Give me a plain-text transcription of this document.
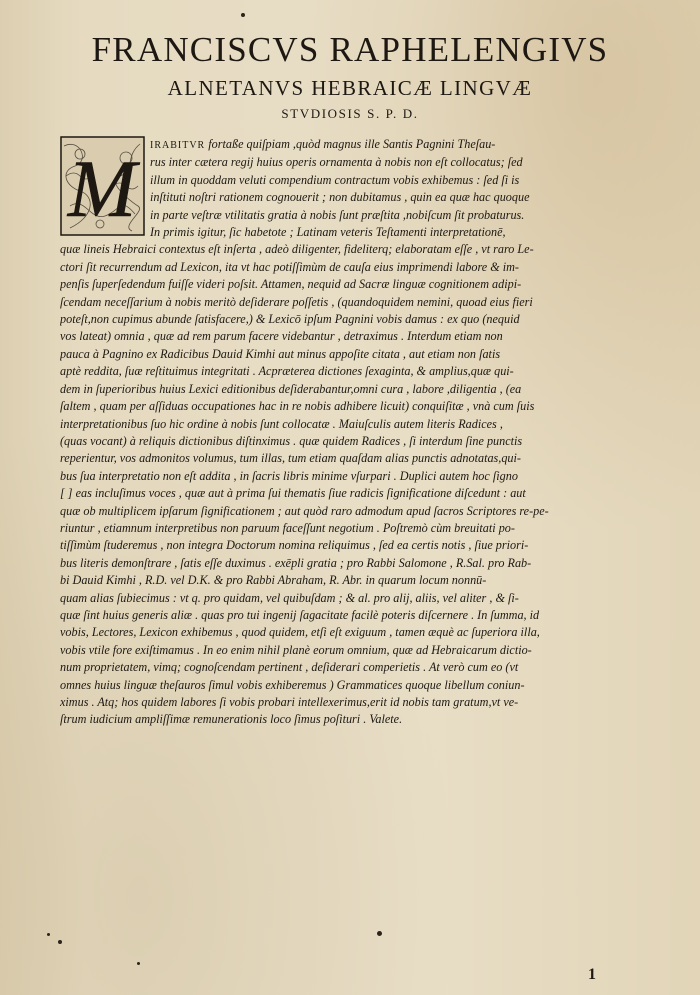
FRANCISCVS RAPHELENGIVS
ALNETANVS HEBRAICÆ LINGVÆ
STVDIOSIS S. P. D.
M	IRABITVR fortaße quiſpiam ,quòd magnus ille Santis Pagnini Theſau-
rus inter cætera regij huius operis ornamenta à nobis non eſt collocatus; ſed
illum in quoddam veluti compendium contractum vobis exhibemus : ſed ſi is
inſtituti noſtri rationem cognouerit ; non dubitamus , quin ea quæ hac quoque
in parte veſtræ vtilitatis gratia à nobis ſunt præſtita ,nobiſcum ſit probaturus.
In primis igitur, ſic habetote ; Latinam veteris Teſtamenti interpretationē,
quæ lineis Hebraici contextus eſt inſerta , adeò diligenter, fideliterq; elaboratam eſſe , vt raro Le-
ctori ſit recurrendum ad Lexicon, ita vt hac potiſſimùm de cauſa eius imprimendi labore & im-
penſis ſuperſedendum fuiſſe videri poſsit. Attamen, nequid ad Sacræ linguæ cognitionem adipi-
ſcendam neceſſarium à nobis meritò deſiderare poſſetis , (quandoquidem nemini, quoad eius fieri
poteſt,non cupimus abunde ſatisfacere,) & Lexicō ipſum Pagnini vobis damus : ex quo (nequid
vos lateat) omnia , quæ ad rem parum facere videbantur , detraximus . Interdum etiam non
pauca à Pagnino ex Radicibus Dauid Kimhi aut minus appoſite citata , aut etiam non ſatis
aptè reddita, ſuæ reſtituimus integritati . Acpræterea dictiones ſexaginta, & amplius,quæ qui-
dem in ſuperioribus huius Lexici editionibus deſiderabantur,omni cura , labore ,diligentia , (ea
ſaltem , quam per aſſiduas occupationes hac in re nobis adhibere licuit) conquiſitæ , vnà cum ſuis
interpretationibus ſuo hic ordine à nobis ſunt collocatæ . Maiuſculis autem literis Radices ,
(quas vocant) à reliquis dictionibus diſtinximus . quæ quidem Radices , ſi interdum ſine punctis
reperientur, vos admonitos volumus, tum illas, tum etiam quaſdam alias punctis adnotatas,qui-
bus ſua interpretatio non eſt addita , in ſacris libris minime vſurpari . Duplici autem hoc ſigno
[ ] eas incluſimus voces , quæ aut à prima ſui thematis ſiue radicis ſignificatione diſcedunt : aut
quæ ob multiplicem ipſarum ſignificationem ; aut quòd raro admodum apud ſacros Scriptores re-pe-
riuntur , etiamnum interpretibus non paruum faceſſunt negotium . Poſtremò cùm breuitati po-
tiſſimùm ſtuderemus , non integra Doctorum nomina reliquimus , ſed ea certis notis , ſiue priori-
bus literis demonſtrare , ſatis eſſe duximus . exēpli gratia ; pro Rabbi Salomone , R.Sal. pro Rab-
bi Dauid Kimhi , R.D. vel D.K. & pro Rabbi Abraham, R. Abr. in quarum locum nonnū-
quam alias ſubiecimus : vt q. pro quidam, vel quibuſdam ; & al. pro alij, aliis, vel aliter , & ſi-
quæ ſint huius generis aliæ . quas pro tui ingenij ſagacitate facilè poteris diſcernere . In ſumma, id
vobis, Lectores, Lexicon exhibemus , quod quidem, etſi eſt exiguum , tamen æquè ac ſuperiora illa,
vobis vtile fore exiſtimamus . In eo enim nihil planè eorum omnium, quæ ad Hebraicarum dictio-
num proprietatem, vimq; cognoſcendam pertinent , deſiderari comperietis . At verò cum eo (vt
omnes huius linguæ theſauros ſimul vobis exhiberemus ) Grammatices quoque libellum coniun-
ximus . Atq; hos quidem labores ſi vobis probari intellexerimus,erit id nobis tam gratum,vt ve-
ſtrum iudicium ampliſſimæ remunerationis loco ſimus poſituri . Valete.
1
